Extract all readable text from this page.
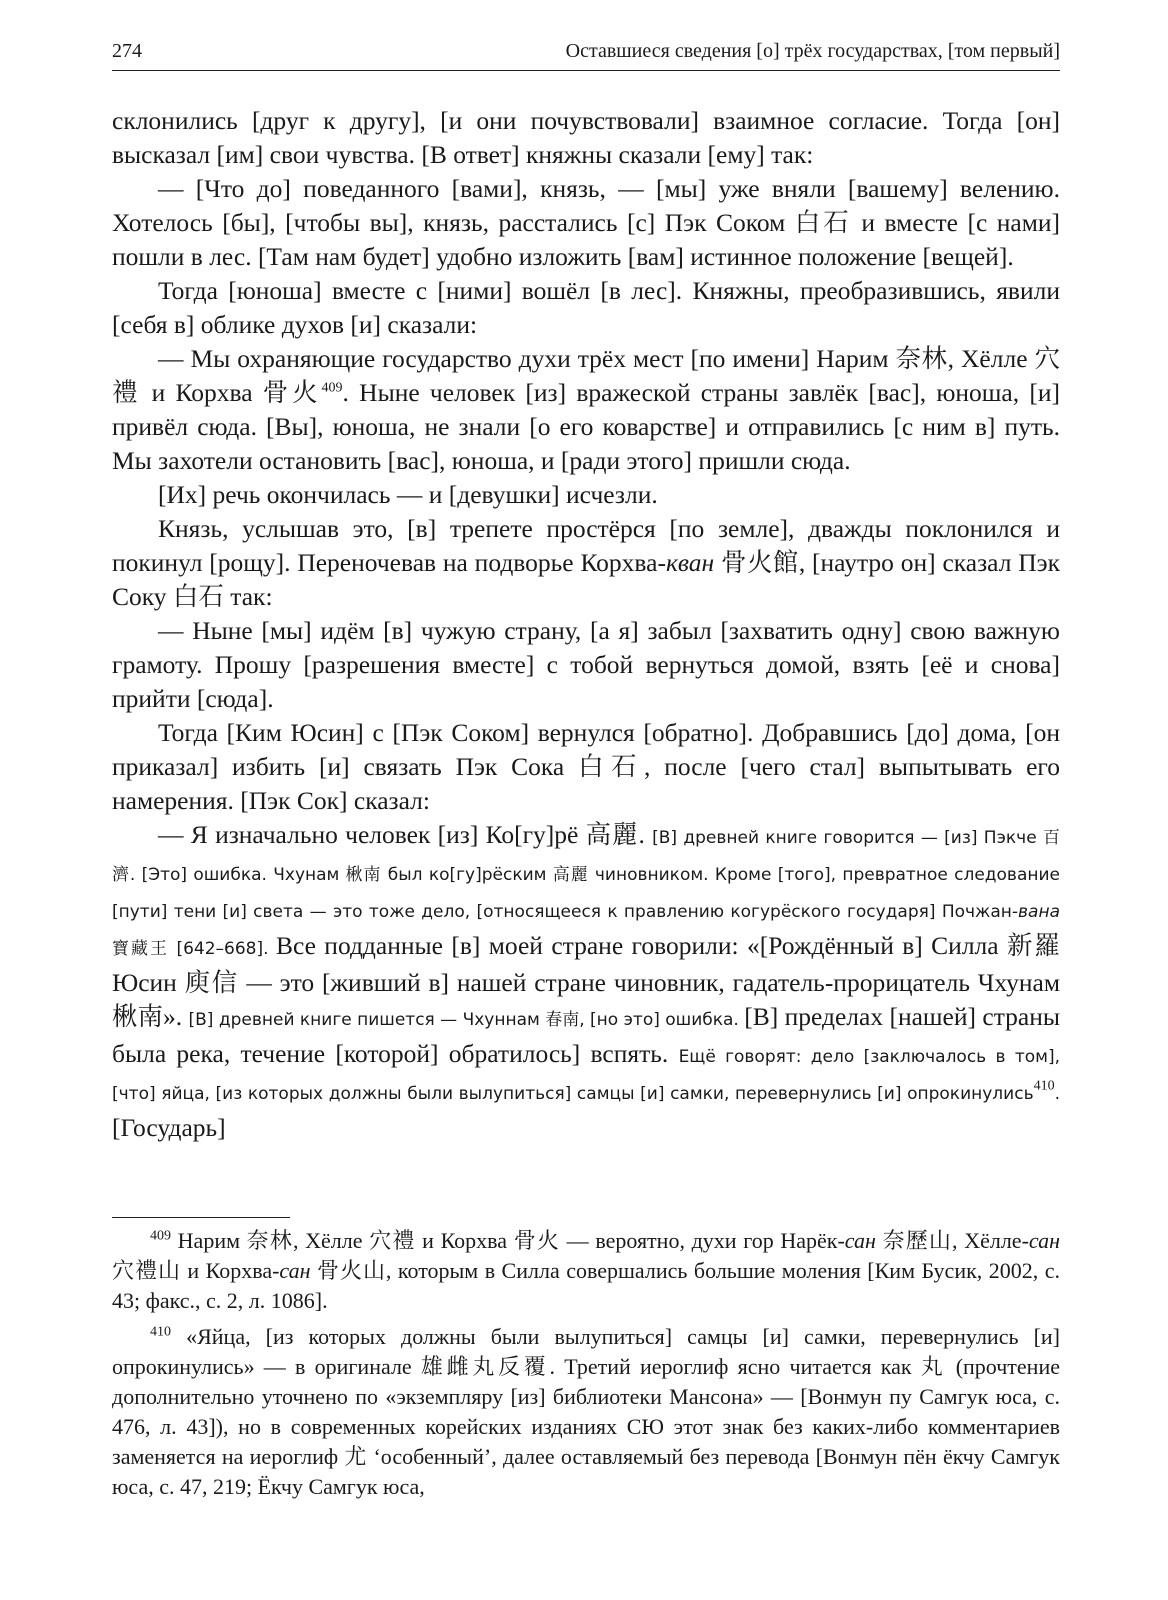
274	Оставшиеся сведения [о] трёх государствах, [том первый]

склонились [друг к другу], [и они почувствовали] взаимное согласие. Тогда [он] высказал [им] свои чувства. [В ответ] княжны сказали [ему] так:

— [Что до] поведанного [вами], князь, — [мы] уже вняли [вашему] велению. Хотелось [бы], [чтобы вы], князь, расстались [с] Пэк Соком 白石 и вместе [с нами] пошли в лес. [Там нам будет] удобно изложить [вам] истинное положение [вещей].

Тогда [юноша] вместе с [ними] вошёл [в лес]. Княжны, преобразившись, явили [себя в] облике духов [и] сказали:

— Мы охраняющие государство духи трёх мест [по имени] Нарим 奈林, Хёлле 穴禮 и Корхва 骨火$^{409}$. Ныне человек [из] вражеской страны завлёк [вас], юноша, [и] привёл сюда. [Вы], юноша, не знали [о его коварстве] и отправились [с ним в] путь. Мы захотели остановить [вас], юноша, и [ради этого] пришли сюда.

[Их] речь окончилась — и [девушки] исчезли.

Князь, услышав это, [в] трепете простёрся [по земле], дважды поклонился и покинул [рощу]. Переночевав на подворье Корхва-кван 骨火館, [наутро он] сказал Пэк Соку 白石 так:

— Ныне [мы] идём [в] чужую страну, [а я] забыл [захватить одну] свою важную грамоту. Прошу [разрешения вместе] с тобой вернуться домой, взять [её и снова] прийти [сюда].

Тогда [Ким Юсин] с [Пэк Соком] вернулся [обратно]. Добравшись [до] дома, [он приказал] избить [и] связать Пэк Сока 白石, после [чего стал] выпытывать его намерения. [Пэк Сок] сказал:

— Я изначально человек [из] Ко[гу]рё 高麗. [В] древней книге говорится — [из] Пэкче 百濟. [Это] ошибка. Чхунам 楸南 был ко[гу]рёским 高麗 чиновником. Кроме [того], превратное следование [пути] тени [и] света — это тоже дело, [относящееся к правлению когурёского государя] Почжан-вана 寶藏王 [642–668]. Все подданные [в] моей стране говорили: «[Рождённый в] Силла 新羅 Юсин 庾信 — это [живший в] нашей стране чиновник, гадатель-прорицатель Чхунам 楸南». [В] древней книге пишется — Чхуннам 春南, [но это] ошибка. [В] пределах [нашей] страны была река, течение [которой] обратилось] вспять. Ещё говорят: дело [заключалось в том], [что] яйца, [из которых должны были вылупиться] самцы [и] самки, перевернулись [и] опрокинулись$^{410}$. [Государь]

$^{409}$ Нарим 奈林, Хёлле 穴禮 и Корхва 骨火 — вероятно, духи гор Нарёк-сан 奈歷山, Хёлле-сан 穴禮山 и Корхва-сан 骨火山, которым в Силла совершались большие моления [Ким Бусик, 2002, с. 43; факс., с. 2, л. 1086].

$^{410}$ «Яйца, [из которых должны были вылупиться] самцы [и] самки, перевернулись [и] опрокинулись» — в оригинале 雄雌丸反覆. Третий иероглиф ясно читается как 丸 (прочтение дополнительно уточнено по «экземпляру [из] библиотеки Мансона» — [Вонмун пу Самгук юса, с. 476, л. 43]), но в современных корейских изданиях СЮ этот знак без каких-либо комментариев заменяется на иероглиф 尤 ‘особенный’, далее оставляемый без перевода [Вонмун пён ёкчу Самгук юса, с. 47, 219; Ёкчу Самгук юса,
